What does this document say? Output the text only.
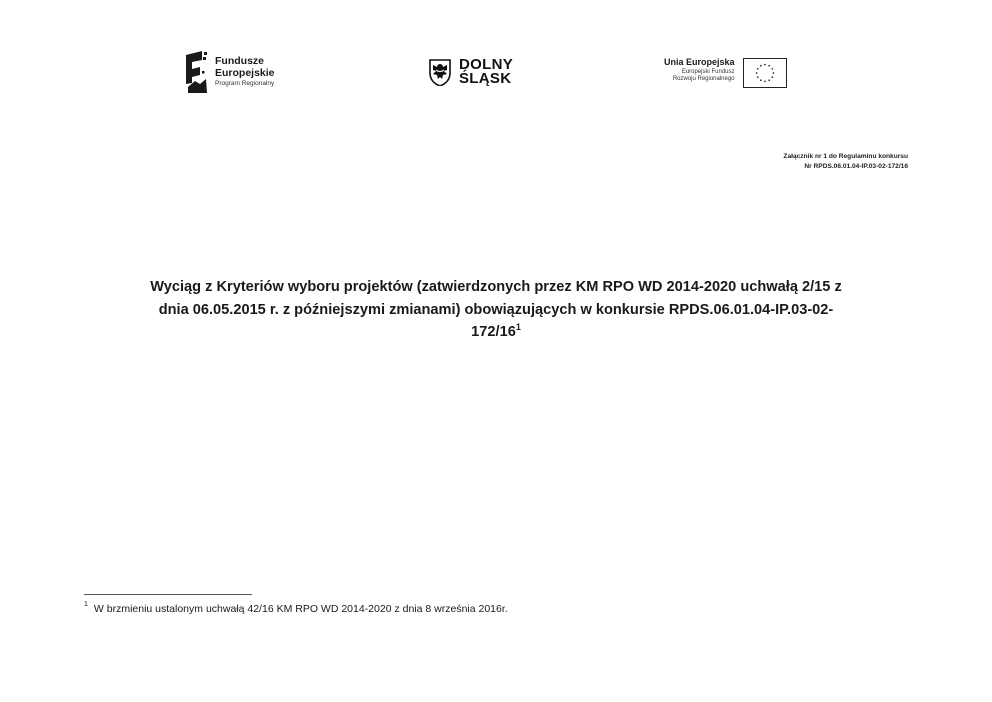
Fundusze
Europejskie
Program Regionalny
DOLNY
ŚLĄSK
Unia Europejska
Europejski Fundusz
Rozwoju Regionalnego
Załącznik nr 1 do Regulaminu konkursu
Nr RPDS.06.01.04-IP.03-02-172/16
Wyciąg z Kryteriów wyboru projektów (zatwierdzonych przez KM RPO WD 2014-2020 uchwałą 2/15 z
dnia 06.05.2015 r. z późniejszymi zmianami) obowiązujących w konkursie RPDS.06.01.04-IP.03-02-
$172/16^1$
$^1$ W brzmieniu ustalonym uchwałą 42/16 KM RPO WD 2014-2020 z dnia 8 września 2016r.
